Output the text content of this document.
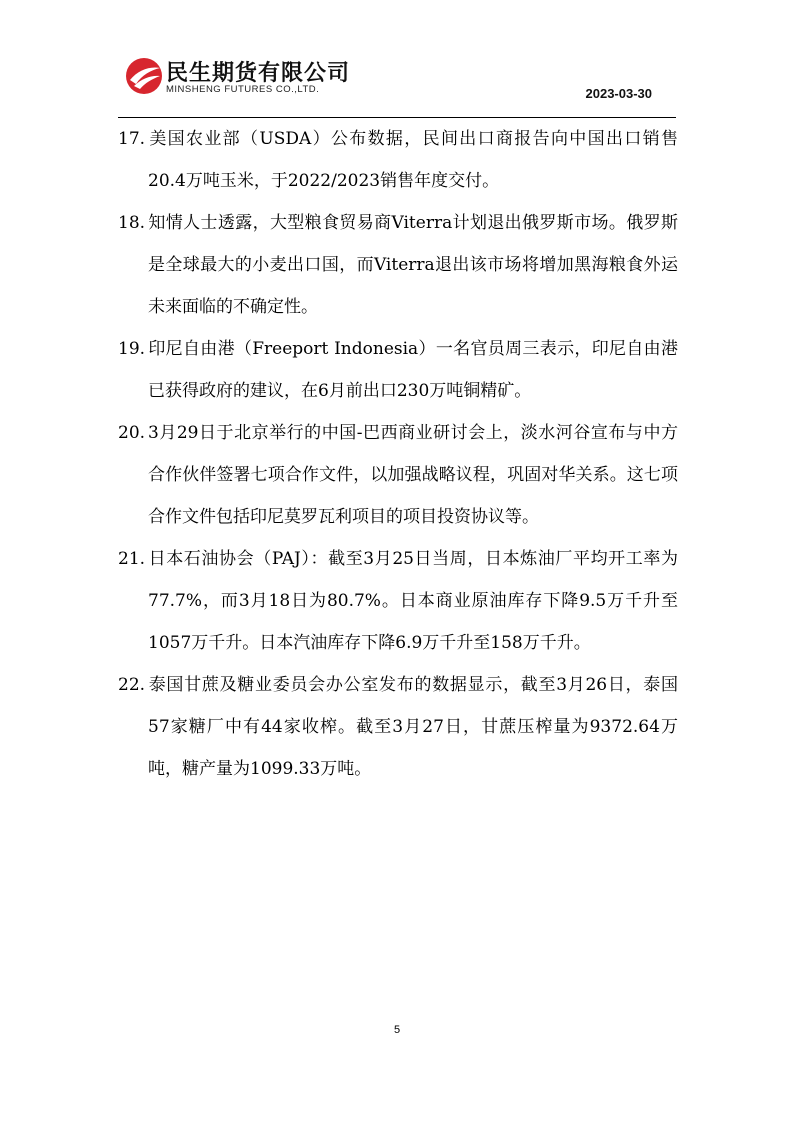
民生期货有限公司
MINSHENG FUTURES CO.,LTD.	2023-03-30

17. 美国农业部（USDA）公布数据，民间出口商报告向中国出口销售20.4万吨玉米，于2022/2023销售年度交付。

18. 知情人士透露，大型粮食贸易商Viterra计划退出俄罗斯市场。俄罗斯是全球最大的小麦出口国，而Viterra退出该市场将增加黑海粮食外运未来面临的不确定性。

19. 印尼自由港（Freeport Indonesia）一名官员周三表示，印尼自由港已获得政府的建议，在6月前出口230万吨铜精矿。

20. 3月29日于北京举行的中国-巴西商业研讨会上，淡水河谷宣布与中方合作伙伴签署七项合作文件，以加强战略议程，巩固对华关系。这七项合作文件包括印尼莫罗瓦利项目的项目投资协议等。

21. 日本石油协会（PAJ）：截至3月25日当周，日本炼油厂平均开工率为77.7%，而3月18日为80.7%。日本商业原油库存下降9.5万千升至1057万千升。日本汽油库存下降6.9万千升至158万千升。

22. 泰国甘蔗及糖业委员会办公室发布的数据显示，截至3月26日，泰国57家糖厂中有44家收榨。截至3月27日，甘蔗压榨量为9372.64万吨，糖产量为1099.33万吨。

5
